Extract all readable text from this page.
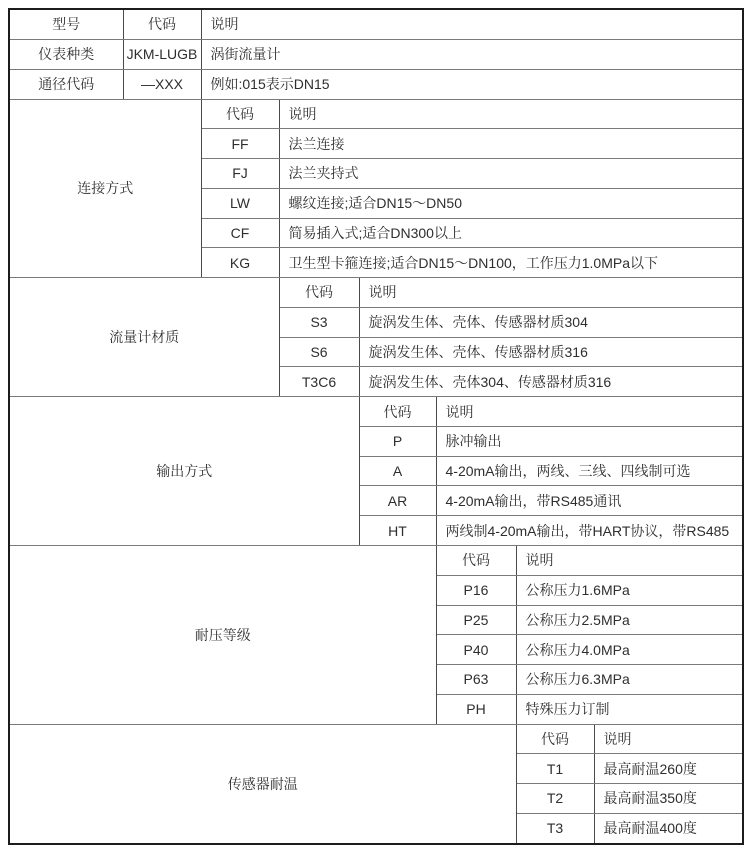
型号	代码	说明					
仪表种类	JKM-LUGB	涡街流量计					
通径代码	—XXX	例如:015表示DN15					
连接方式		代码	说明				
		FF	法兰连接				
		FJ	法兰夹持式				
		LW	螺纹连接;适合DN15～DN50				
		CF	简易插入式;适合DN300以上				
		KG	卫生型卡箍连接;适合DN15～DN100，工作压力1.0MPa以下				
流量计材质			代码	说明			
			S3	旋涡发生体、壳体、传感器材质304			
			S6	旋涡发生体、壳体、传感器材质316			
			T3C6	旋涡发生体、壳体304、传感器材质316			
输出方式				代码	说明		
				P	脉冲输出		
				A	4-20mA输出，两线、三线、四线制可选		
				AR	4-20mA输出，带RS485通讯		
				HT	两线制4-20mA输出，带HART协议，带RS485		
耐压等级					代码	说明	
					P16	公称压力1.6MPa	
					P25	公称压力2.5MPa	
					P40	公称压力4.0MPa	
					P63	公称压力6.3MPa	
					PH	特殊压力订制	
传感器耐温						代码	说明
						T1	最高耐温260度
						T2	最高耐温350度
						T3	最高耐温400度
